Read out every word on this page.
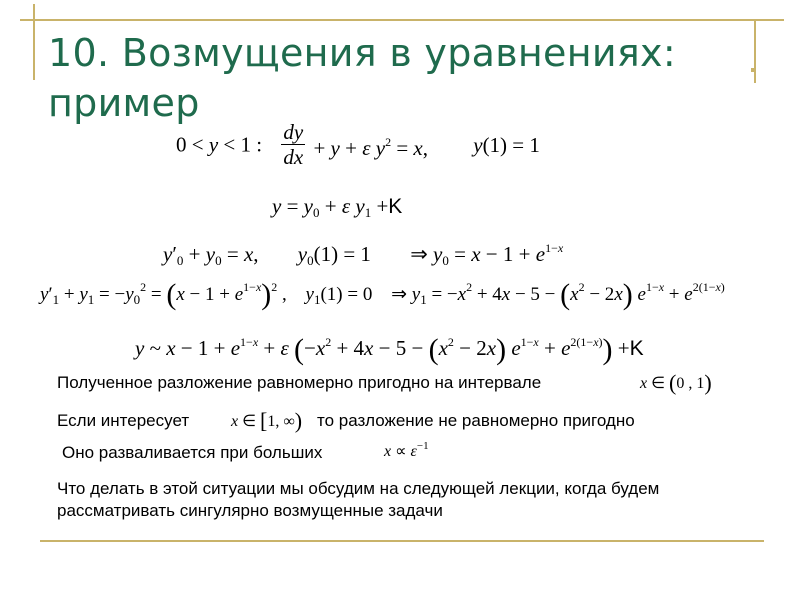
10. Возмущения в уравнениях: пример
0 < y < 1 : $\frac{dy}{dx} + y + \varepsilon$ $y^2 = x$, y(1) = 1
$y = y_0 + \varepsilon$ $y_1 +K$
$y'_0 + y_0 = x$, $y_0(1) = 1$ ⇒ $y_0 = x - 1 + e^{1-x}$
$y'_1 + y_1 = -y_0^2 = (x - 1 + e^{1-x})^2$ , $y_1(1) = 0$ ⇒ $y_1 = -x^2 + 4x - 5 - (x^2 - 2x) e^{1-x} + e^{2(1-x)}$
y ~ $x - 1 + e^{1-x} + \varepsilon$ $(-x^2 + 4x - 5 - (x^2 - 2x) e^{1-x} + e^{2(1-x)}) +K$
Полученное разложение равномерно пригодно на интервале	x ∈ (0 , 1)
Если интересует	x ∈ [1, ∞) то разложение не равномерно пригодно
Оно разваливается при больших	$x \propto \varepsilon^{-1}$
Что делать в этой ситуации мы обсудим на следующей лекции, когда будем рассматривать сингулярно возмущенные задачи
